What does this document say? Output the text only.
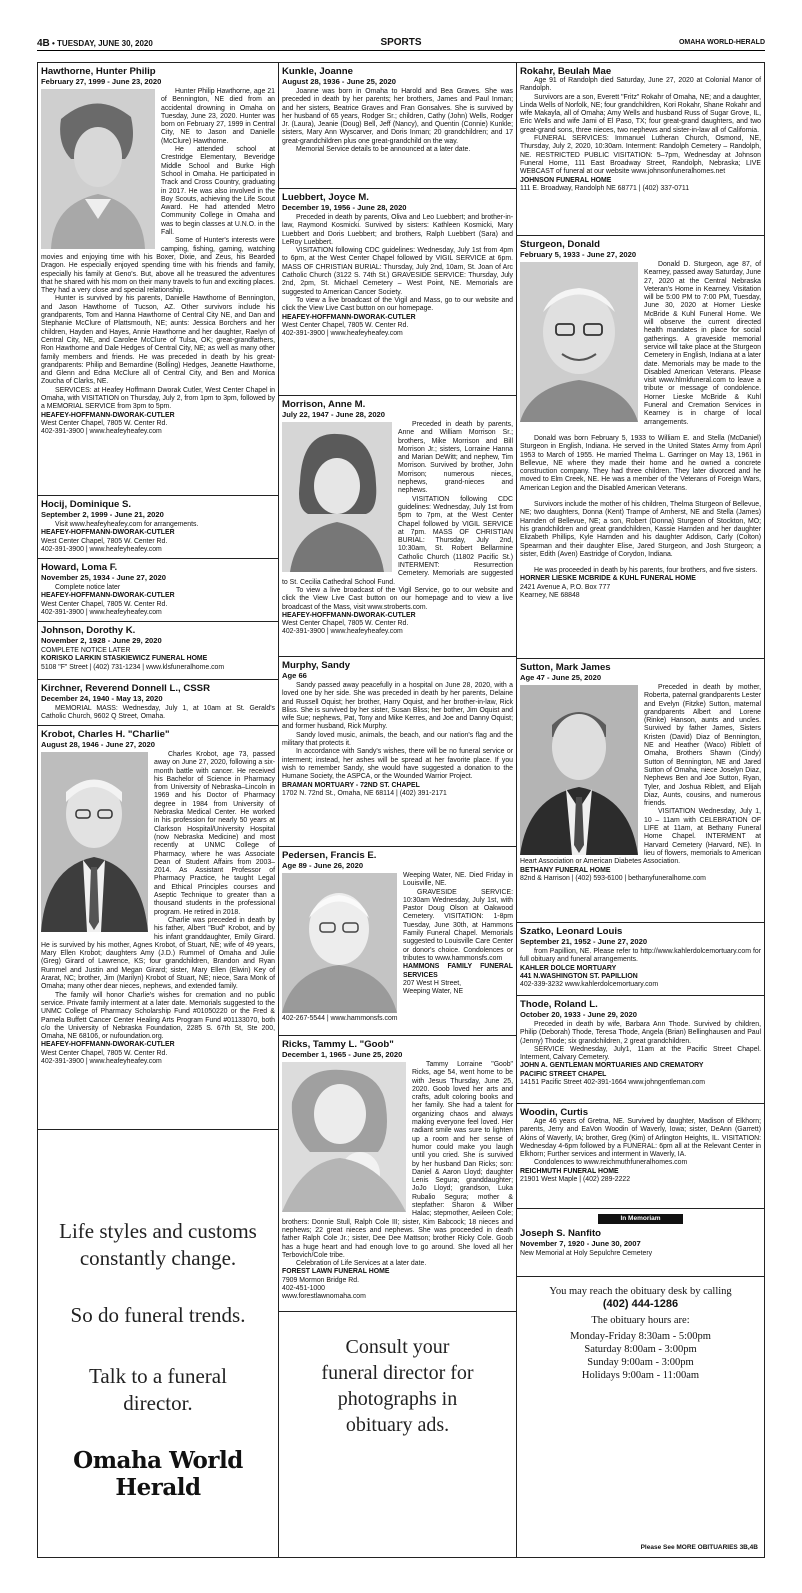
4B • TUESDAY, JUNE 30, 2020	SPORTS	OMAHA WORLD-HERALD
Hawthorne, Hunter Philip
February 27, 1999 - June 23, 2020

Hunter Philip Hawthorne, age 21 of Bennington, NE died from an accidental drowning in Omaha on Tuesday, June 23, 2020. Hunter was born on February 27, 1999 in Central City, NE to Jason and Danielle (McClure) Hawthorne.

He attended school at Crestridge Elementary, Beveridge Middle School and Burke High School in Omaha. He participated in Track and Cross Country, graduating in 2017. He was also involved in the Boy Scouts, achieving the Life Scout Award. He had attended Metro Community College in Omaha and was to begin classes at U.N.O. in the Fall.

Some of Hunter's interests were camping, fishing, gaming, watching movies and enjoying time with his Boxer, Dixie, and Zeus, his Bearded Dragon. He especially enjoyed spending time with his friends and family, especially his family at Geno's. But, above all he treasured the adventures that he shared with his mom on their many travels to fun and exciting places. They had a very close and special relationship.

Hunter is survived by his parents, Danielle Hawthorne of Bennington, and Jason Hawthorne of Tucson, AZ. Other survivors include his grandparents, Tom and Hanna Hawthorne of Central City NE, and Dan and Stephanie McClure of Plattsmouth, NE; aunts: Jessica Borchers and her children, Hayden and Hayes, Annie Hawthorne and her daughter, Raelyn of Central City, NE, and Carolee McClure of Tulsa, OK; great-grandfathers, Ron Hawthorne and Dale Hedges of Central City, NE; as well as many other family members and friends. He was preceded in death by his great-grandparents: Philip and Bernardine (Bolling) Hedges, Jeanette Hawthorne, and Glenn and Edna McClure all of Central City, and Ben and Monica Zoucha of Clarks, NE.

SERVICES: at Heafey Hoffmann Dworak Cutler, West Center Chapel in Omaha, with VISITATION on Thursday, July 2, from 1pm to 3pm, followed by a MEMORIAL SERVICE from 3pm to 5pm.

HEAFEY-HOFFMANN-DWORAK-CUTLER
West Center Chapel, 7805 W. Center Rd.
402-391-3900 | www.heafeyheafey.com
Hocij, Dominique S.
September 2, 1999 - June 21, 2020

Visit www.heafeyheafey.com for arrangements.

HEAFEY-HOFFMANN-DWORAK-CUTLER
West Center Chapel, 7805 W. Center Rd.
402-391-3900 | www.heafeyheafey.com
Howard, Loma F.
November 25, 1934 - June 27, 2020

Complete notice later

HEAFEY-HOFFMANN-DWORAK-CUTLER
West Center Chapel, 7805 W. Center Rd.
402-391-3900 | www.heafeyheafey.com
Johnson, Dorothy K.
November 2, 1928 - June 29, 2020
COMPLETE NOTICE LATER
KORISKO LARKIN STASKIEWICZ FUNERAL HOME
5108 "F" Street | (402) 731-1234 | www.klsfuneralhome.com
Kirchner, Reverend Donnell L., CSSR
December 24, 1940 - May 13, 2020

MEMORIAL MASS: Wednesday, July 1, at 10am at St. Gerald's Catholic Church, 9602 Q Street, Omaha.

Krobot, Charles H. "Charlie"
August 28, 1946 - June 27, 2020

Charles Krobot, age 73, passed away on June 27, 2020, following a six-month battle with cancer. He received his Bachelor of Science in Pharmacy from University of Nebraska–Lincoln in 1969 and his Doctor of Pharmacy degree in 1984 from University of Nebraska Medical Center. He worked in his profession for nearly 50 years at Clarkson Hospital/University Hospital (now Nebraska Medicine) and most recently at UNMC College of Pharmacy, where he was Associate Dean of Student Affairs from 2003–2014. As Assistant Professor of Pharmacy Practice, he taught Legal and Ethical Principles courses and Aseptic Technique to greater than a thousand students in the professional program. He retired in 2018.

Charlie was preceded in death by his father, Albert "Bud" Krobot, and by his infant granddaughter, Emily Girard. He is survived by his mother, Agnes Krobot, of Stuart, NE; wife of 49 years, Mary Ellen Krobot; daughters Amy (J.D.) Rummel of Omaha and Julie (Greg) Girard of Lawrence, KS; four grandchildren, Brandon and Ryan Rummel and Justin and Megan Girard; sister, Mary Ellen (Elwin) Key of Ararat, NC; brother, Jim (Marilyn) Krobot of Stuart, NE; niece, Sara Monk of Omaha; many other dear nieces, nephews, and extended family.

The family will honor Charlie's wishes for cremation and no public service. Private family interment at a later date. Memorials suggested to the UNMC College of Pharmacy Scholarship Fund #01050220 or the Fred & Pamela Buffett Cancer Center Healing Arts Program Fund #01133070, both c/o the University of Nebraska Foundation, 2285 S. 67th St, Ste 200, Omaha, NE 68106, or nufoundation.org.

HEAFEY-HOFFMANN-DWORAK-CUTLER
West Center Chapel, 7805 W. Center Rd.
402-391-3900 | www.heafeyheafey.com
Life styles and customs constantly change.
So do funeral trends.
Talk to a funeral director.
Omaha World Herald
Kunkle, Joanne
August 28, 1936 - June 25, 2020

Joanne was born in Omaha to Harold and Bea Graves. She was preceded in death by her parents; her brothers, James and Paul Inman; and her sisters, Beatrice Graves and Fran Gonsalves. She is survived by her husband of 65 years, Rodger Sr.; children, Cathy (John) Wells, Rodger Jr. (Laura), Jeanie (Doug) Bell, Jeff (Nancy), and Quentin (Connie) Kunkle; sisters, Mary Ann Wyscarver, and Doris Inman; 20 grandchildren; and 17 great-grandchildren plus one great-grandchild on the way.

Memorial Service details to be announced at a later date.

Luebbert, Joyce M.
December 19, 1956 - June 28, 2020

Preceded in death by parents, Oliva and Leo Luebbert; and brother-in-law, Raymond Kosmicki. Survived by sisters: Kathleen Kosmicki, Mary Luebbert and Doris Luebbert; and brothers, Ralph Luebbert (Sara) and LeRoy Luebbert.

VISITATION following CDC guidelines: Wednesday, July 1st from 4pm to 6pm, at the West Center Chapel followed by VIGIL SERVICE at 6pm. MASS OF CHRISTIAN BURIAL: Thursday, July 2nd, 10am, St. Joan of Arc Catholic Church (3122 S. 74th St.) GRAVESIDE SERVICE: Thursday, July 2nd, 2pm, St. Michael Cemetery – West Point, NE. Memorials are suggested to American Cancer Society.

To view a live broadcast of the Vigil and Mass, go to our website and click the View Live Cast button on our homepage.

HEAFEY-HOFFMANN-DWORAK-CUTLER
West Center Chapel, 7805 W. Center Rd.
402-391-3900 | www.heafeyheafey.com
Morrison, Anne M.
July 22, 1947 - June 28, 2020

Preceded in death by parents, Anne and William Morrison Sr.; brothers, Mike Morrison and Bill Morrison Jr.; sisters, Lorraine Hanna and Marian DeWitt; and nephew, Tim Morrison. Survived by brother, John Morrison; numerous nieces, nephews, grand-nieces and nephews.

VISITATION following CDC guidelines: Wednesday, July 1st from 5pm to 7pm, at the West Center Chapel followed by VIGIL SERVICE at 7pm. MASS OF CHRISTIAN BURIAL: Thursday, July 2nd, 10:30am, St. Robert Bellarmine Catholic Church (11802 Pacific St.) INTERMENT: Resurrection Cemetery. Memorials are suggested to St. Cecilia Cathedral School Fund.

To view a live broadcast of the Vigil Service, go to our website and click the View Live Cast button on our homepage and to view a live broadcast of the Mass, visit www.stroberts.com.

HEAFEY-HOFFMANN-DWORAK-CUTLER
West Center Chapel, 7805 W. Center Rd.
402-391-3900 | www.heafeyheafey.com
Murphy, Sandy
Age 66

Sandy passed away peacefully in a hospital on June 28, 2020, with a loved one by her side. She was preceded in death by her parents, Delaine and Russell Oquist; her brother, Harry Oquist, and her brother-in-law, Rick Bliss. She is survived by her sister, Susan Bliss; her bother, Jim Oquist and wife Sue; nephews, Pat, Tony and Mike Kerres, and Joe and Danny Oquist; and former husband, Rick Murphy.

Sandy loved music, animals, the beach, and our nation's flag and the military that protects it.

In accordance with Sandy's wishes, there will be no funeral service or interment; instead, her ashes will be spread at her favorite place. If you wish to remember Sandy, she would have suggested a donation to the Humane Society, the ASPCA, or the Wounded Warrior Project.

BRAMAN MORTUARY - 72ND ST. CHAPEL
1702 N. 72nd St., Omaha, NE 68114 | (402) 391-2171
Pedersen, Francis E.
Age 89 - June 26, 2020

Weeping Water, NE. Died Friday in Louisville, NE.

GRAVESIDE SERVICE: 10:30am Wednesday, July 1st, with Pastor Doug Olson at Oakwood Cemetery. VISITATION: 1-8pm Tuesday, June 30th, at Hammons Family Funeral Chapel. Memorials suggested to Louisville Care Center or donor's choice. Condolences or tributes to www.hammonsfs.com

HAMMONS FAMILY FUNERAL SERVICES
207 West H Street,
Weeping Water, NE
402-267-5544 | www.hammonsfs.com
Ricks, Tammy L. "Goob"
December 1, 1965 - June 25, 2020

Tammy Lorraine "Goob" Ricks, age 54, went home to be with Jesus Thursday, June 25, 2020. Goob loved her arts and crafts, adult coloring books and her family. She had a talent for organizing chaos and always making everyone feel loved. Her radiant smile was sure to lighten up a room and her sense of humor could make you laugh until you cried. She is survived by her husband Dan Ricks; son: Daniel & Aaron Lloyd; daughter Lenis Segura; granddaughter; JoJo Lloyd; grandson, Luka Rubalio Segura; mother & stepfather: Sharon & Wilber Halac; stepmother, Aeileen Cole; brothers: Donnie Stull, Ralph Cole III; sister, Kim Babcock; 18 nieces and nephews; 22 great nieces and nephews. She was proceeded in death father Ralph Cole Jr.; sister, Dee Dee Mattson; brother Ricky Cole. Goob has a huge heart and had enough love to go around. She loved all her Terbovich/Cole tribe.

Celebration of Life Services at a later date.

FOREST LAWN FUNERAL HOME
7909 Mormon Bridge Rd.
402-451-1000
www.forestlawnomaha.com
Consult your funeral director for photographs in obituary ads.
Rokahr, Beulah Mae

Age 91 of Randolph died Saturday, June 27, 2020 at Colonial Manor of Randolph.

Survivors are a son, Everett "Fritz" Rokahr of Omaha, NE; and a daughter, Linda Wells of Norfolk, NE; four grandchildren, Kori Rokahr, Shane Rokahr and wife Makayla, all of Omaha; Amy Wells and husband Russ of Sugar Grove, IL, Eric Wells and wife Jami of El Paso, TX; four great-grand daughters, and two great-grand sons, three nieces, two nephews and sister-in-law all of California.

FUNERAL SERVICES: Immanuel Lutheran Church, Osmond, NE, Thursday, July 2, 2020, 10:30am. Interment: Randolph Cemetery – Randolph, NE. RESTRICTED PUBLIC VISITATION: 5–7pm, Wednesday at Johnson Funeral Home, 111 East Broadway Street, Randolph, Nebraska; LIVE WEBCAST of funeral at our website www.johnsonfuneralhomes.net

JOHNSON FUNERAL HOME
111 E. Broadway, Randolph NE 68771 | (402) 337-0711
Sturgeon, Donald
February 5, 1933 - June 27, 2020

Donald D. Sturgeon, age 87, of Kearney, passed away Saturday, June 27, 2020 at the Central Nebraska Veteran's Home in Kearney. Visitation will be 5:00 PM to 7:00 PM, Tuesday, June 30, 2020 at Horner Lieske McBride & Kuhl Funeral Home. We will observe the current directed health mandates in place for social gatherings. A graveside memorial service will take place at the Sturgeon Cemetery in English, Indiana at a later date. Memorials may be made to the Disabled American Veterans. Please visit www.hlmkfuneral.com to leave a tribute or message of condolence. Horner Lieske McBride & Kuhl Funeral and Cremation Services in Kearney is in charge of local arrangements.

Donald was born February 5, 1933 to William E. and Stella (McDaniel) Sturgeon in English, Indiana. He served in the United States Army from April 1953 to March of 1955. He married Thelma L. Garringer on May 13, 1961 in Bellevue, NE where they made their home and he owned a concrete construction company. They had three children. They later divorced and he moved to Elm Creek, NE. He was a member of the Veterans of Foreign Wars, American Legion and the Disabled American Veterans.

Survivors include the mother of his children, Thelma Sturgeon of Bellevue, NE; two daughters, Donna (Kent) Trampe of Amherst, NE and Stella (James) Harnden of Bellevue, NE; a son, Robert (Donna) Sturgeon of Stockton, MO; his grandchildren and great grandchildren, Kassie Harnden and her daughter Elizabeth Phillips, Kyle Harnden and his daughter Addison, Carly (Colton) Spearman and their daughter Elise, Jared Sturgeon, and Josh Sturgeon; a sister, Edith (Aven) Eastridge of Corydon, Indiana.

He was proceeded in death by his parents, four brothers, and five sisters.

HORNER LIESKE MCBRIDE & KUHL FUNERAL HOME
2421 Avenue A, P.O. Box 777
Kearney, NE 68848
Sutton, Mark James
Age 47 - June 25, 2020

Preceded in death by mother, Roberta, paternal grandparents Lester and Evelyn (Fitzke) Sutton, maternal grandparents Albert and Lorene (Rinke) Hanson, aunts and uncles. Survived by father James, Sisters Kristen (David) Diaz of Bennington, NE and Heather (Waco) Riblett of Omaha, Brothers Shawn (Cindy) Sutton of Bennington, NE and Jared Sutton of Omaha, niece Joselyn Diaz, Nephews Ben and Joe Sutton, Ryan, Tyler, and Joshua Riblett, and Elijah Diaz, Aunts, cousins, and numerous friends.

VISITATION Wednesday, July 1, 10 – 11am with CELEBRATION OF LIFE at 11am, at Bethany Funeral Home Chapel. INTERMENT at Harvard Cemetery (Harvard, NE). In lieu of flowers, memorials to American Heart Association or American Diabetes Association.

BETHANY FUNERAL HOME
82nd & Harrison | (402) 593-6100 | bethanyfuneralhome.com
Szatko, Leonard Louis
September 21, 1952 - June 27, 2020

from Papillion, NE. Please refer to http://www.kahlerdolcemortuary.com for full obituary and funeral arrangements.

KAHLER DOLCE MORTUARY
441 N.WASHINGTON ST. PAPILLION
402-339-3232 www.kahlerdolcemortuary.com
Thode, Roland L.
October 20, 1933 - June 29, 2020

Preceded in death by wife, Barbara Ann Thode. Survived by children, Philip (Deborah) Thode, Teresa Thode, Angela (Brian) Bellinghausen and Paul (Jenny) Thode; six grandchildren, 2 great grandchildren.

SERVICE Wednesday, July1, 11am at the Pacific Street Chapel. Interment, Calvary Cemetery.

JOHN A. GENTLEMAN MORTUARIES AND CREMATORY
PACIFIC STREET CHAPEL
14151 Pacific Street 402-391-1664 www.johngentleman.com
Woodin, Curtis

Age 46 years of Gretna, NE. Survived by daughter, Madison of Elkhorn; parents, Jerry and EaVon Woodin of Waverly, Iowa; sister, DeAnn (Garrett) Akins of Waverly, IA; brother, Greg (Kim) of Arlington Heights, IL. VISITATION: Wednesday 4-6pm followed by a FUNERAL: 6pm all at the Relevant Center in Elkhorn; Further services and interment in Waverly, IA.

Condolences to www.reichmuthfuneralhomes.com

REICHMUTH FUNERAL HOME
21901 West Maple | (402) 289-2222
In Memoriam
Joseph S. Nanfito
November 7, 1920 - June 30, 2007
New Memorial at Holy Sepulchre Cemetery
You may reach the obituary desk by calling
(402) 444-1286
The obituary hours are:
Monday-Friday 8:30am - 5:00pm
Saturday 8:00am - 3:00pm
Sunday 9:00am - 3:00pm
Holidays 9:00am - 11:00am
Please See MORE OBITUARIES 3B,4B
